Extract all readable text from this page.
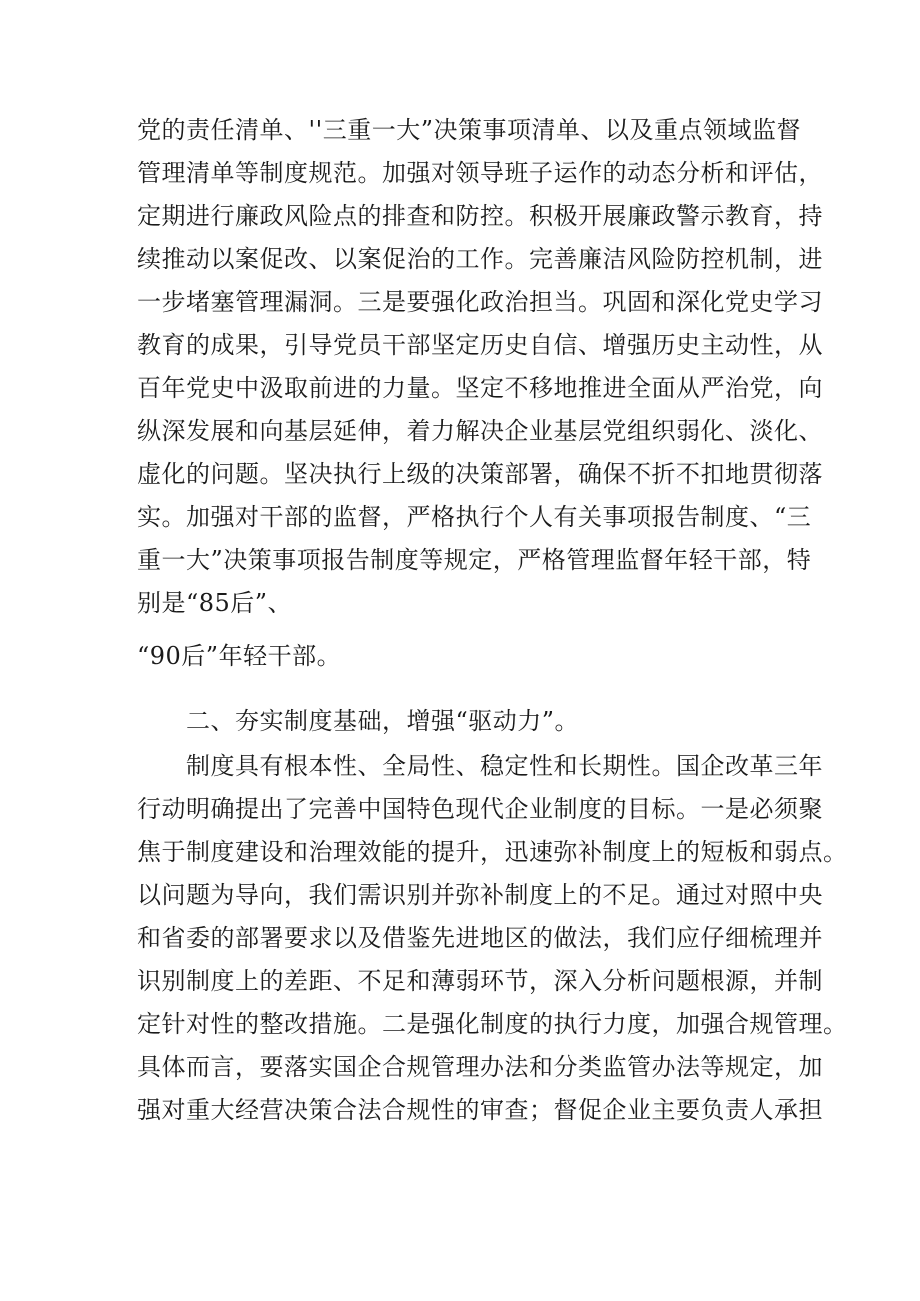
党的责任清单、''三重一大”决策事项清单、以及重点领域监督
管理清单等制度规范。加强对领导班子运作的动态分析和评估，
定期进行廉政风险点的排查和防控。积极开展廉政警示教育，持
续推动以案促改、以案促治的工作。完善廉洁风险防控机制，进
一步堵塞管理漏洞。三是要强化政治担当。巩固和深化党史学习
教育的成果，引导党员干部坚定历史自信、增强历史主动性，从
百年党史中汲取前进的力量。坚定不移地推进全面从严治党，向
纵深发展和向基层延伸，着力解决企业基层党组织弱化、淡化、
虚化的问题。坚决执行上级的决策部署，确保不折不扣地贯彻落
实。加强对干部的监督，严格执行个人有关事项报告制度、“三
重一大”决策事项报告制度等规定，严格管理监督年轻干部，特
别是“85后”、
“90后”年轻干部。
二、夯实制度基础，增强“驱动力”。
制度具有根本性、全局性、稳定性和长期性。国企改革三年
行动明确提出了完善中国特色现代企业制度的目标。一是必须聚
焦于制度建设和治理效能的提升，迅速弥补制度上的短板和弱点。
以问题为导向，我们需识别并弥补制度上的不足。通过对照中央
和省委的部署要求以及借鉴先进地区的做法，我们应仔细梳理并
识别制度上的差距、不足和薄弱环节，深入分析问题根源，并制
定针对性的整改措施。二是强化制度的执行力度，加强合规管理。
具体而言，要落实国企合规管理办法和分类监管办法等规定，加
强对重大经营决策合法合规性的审查；督促企业主要负责人承担
